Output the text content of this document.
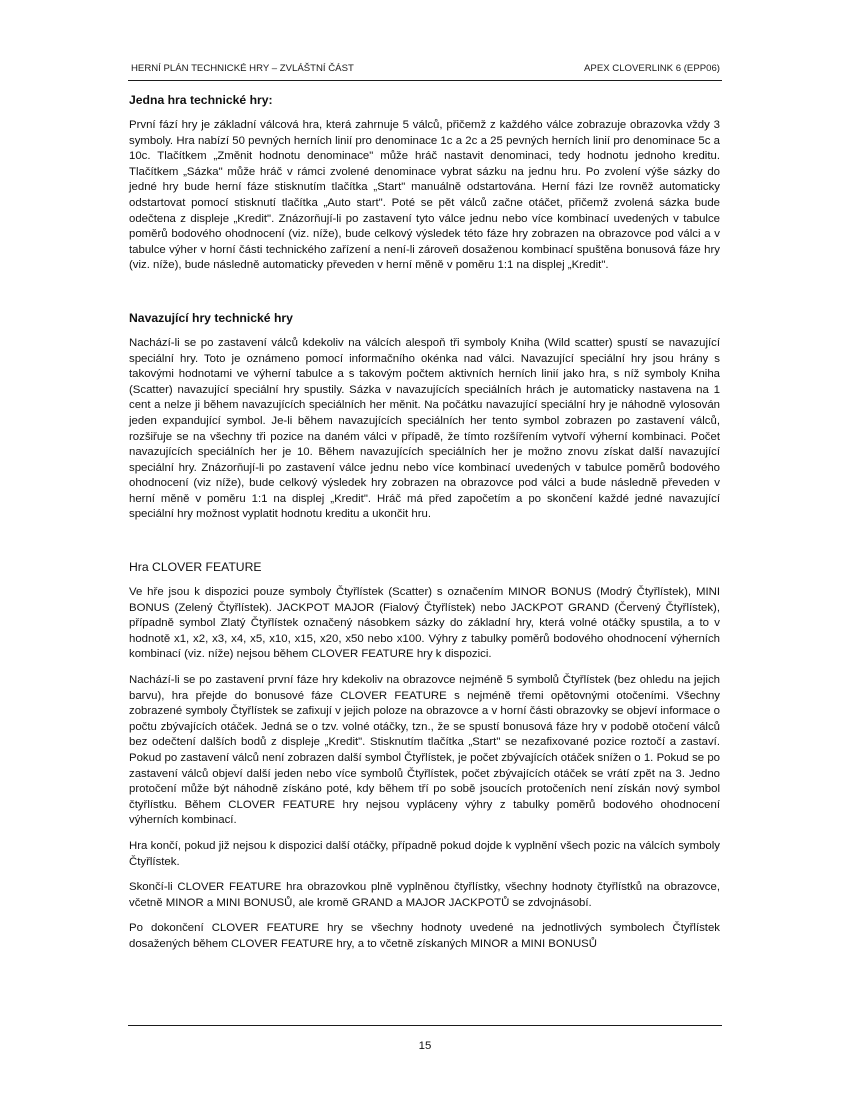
HERNÍ PLÁN TECHNICKÉ HRY – ZVLÁŠTNÍ ČÁST	APEX CLOVERLINK 6 (EPP06)
Jedna hra technické hry:

První fází hry je základní válcová hra, která zahrnuje 5 válců, přičemž z každého válce zobrazuje obrazovka vždy 3 symboly. Hra nabízí 50 pevných herních linií pro denominace 1c a 2c a 25 pevných herních linií pro denominace 5c a 10c. Tlačítkem „Změnit hodnotu denominace" může hráč nastavit denominaci, tedy hodnotu jednoho kreditu. Tlačítkem „Sázka" může hráč v rámci zvolené denominace vybrat sázku na jednu hru. Po zvolení výše sázky do jedné hry bude herní fáze stisknutím tlačítka „Start" manuálně odstartována. Herní fázi lze rovněž automaticky odstartovat pomocí stisknutí tlačítka „Auto start". Poté se pět válců začne otáčet, přičemž zvolená sázka bude odečtena z displeje „Kredit". Znázorňují-li po zastavení tyto válce jednu nebo více kombinací uvedených v tabulce poměrů bodového ohodnocení (viz. níže), bude celkový výsledek této fáze hry zobrazen na obrazovce pod válci a v tabulce výher v horní části technického zařízení a není-li zároveň dosaženou kombinací spuštěna bonusová fáze hry (viz. níže), bude následně automaticky převeden v herní měně v poměru 1:1 na displej „Kredit".

Navazující hry technické hry

Nachází-li se po zastavení válců kdekoliv na válcích alespoň tři symboly Kniha (Wild scatter) spustí se navazující speciální hry. Toto je oznámeno pomocí informačního okénka nad válci. Navazující speciální hry jsou hrány s takovými hodnotami ve výherní tabulce a s takovým počtem aktivních herních linií jako hra, s níž symboly Kniha (Scatter) navazující speciální hry spustily. Sázka v navazujících speciálních hrách je automaticky nastavena na 1 cent a nelze ji během navazujících speciálních her měnit. Na počátku navazující speciální hry je náhodně vylosován jeden expandující symbol. Je-li během navazujících speciálních her tento symbol zobrazen po zastavení válců, rozšiřuje se na všechny tři pozice na daném válci v případě, že tímto rozšířením vytvoří výherní kombinaci. Počet navazujících speciálních her je 10. Během navazujících speciálních her je možno znovu získat další navazující speciální hry. Znázorňují-li po zastavení válce jednu nebo více kombinací uvedených v tabulce poměrů bodového ohodnocení (viz níže), bude celkový výsledek hry zobrazen na obrazovce pod válci a bude následně převeden v herní měně v poměru 1:1 na displej „Kredit". Hráč má před započetím a po skončení každé jedné navazující speciální hry možnost vyplatit hodnotu kreditu a ukončit hru.

Hra CLOVER FEATURE

Ve hře jsou k dispozici pouze symboly Čtyřlístek (Scatter) s označením MINOR BONUS (Modrý Čtyřlístek), MINI BONUS (Zelený Čtyřlístek). JACKPOT MAJOR (Fialový Čtyřlístek) nebo JACKPOT GRAND (Červený Čtyřlístek), případně symbol Zlatý Čtyřlístek označený násobkem sázky do základní hry, která volné otáčky spustila, a to v hodnotě x1, x2, x3, x4, x5, x10, x15, x20, x50 nebo x100. Výhry z tabulky poměrů bodového ohodnocení výherních kombinací (viz. níže) nejsou během CLOVER FEATURE hry k dispozici.

Nachází-li se po zastavení první fáze hry kdekoliv na obrazovce nejméně 5 symbolů Čtyřlístek (bez ohledu na jejich barvu), hra přejde do bonusové fáze CLOVER FEATURE s nejméně třemi opětovnými otočeními. Všechny zobrazené symboly Čtyřlístek se zafixují v jejich poloze na obrazovce a v horní části obrazovky se objeví informace o počtu zbývajících otáček. Jedná se o tzv. volné otáčky, tzn., že se spustí bonusová fáze hry v podobě otočení válců bez odečtení dalších bodů z displeje „Kredit". Stisknutím tlačítka „Start" se nezafixované pozice roztočí a zastaví. Pokud po zastavení válců není zobrazen další symbol Čtyřlístek, je počet zbývajících otáček snížen o 1. Pokud se po zastavení válců objeví další jeden nebo více symbolů Čtyřlístek, počet zbývajících otáček se vrátí zpět na 3. Jedno protočení může být náhodně získáno poté, kdy během tří po sobě jsoucích protočeních není získán nový symbol čtyřlístku. Během CLOVER FEATURE hry nejsou vypláceny výhry z tabulky poměrů bodového ohodnocení výherních kombinací.

Hra končí, pokud již nejsou k dispozici další otáčky, případně pokud dojde k vyplnění všech pozic na válcích symboly Čtyřlístek.

Skončí-li CLOVER FEATURE hra obrazovkou plně vyplněnou čtyřlístky, všechny hodnoty čtyřlístků na obrazovce, včetně MINOR a MINI BONUSŮ, ale kromě GRAND a MAJOR JACKPOTŮ se zdvojnásobí.

Po dokončení CLOVER FEATURE hry se všechny hodnoty uvedené na jednotlivých symbolech Čtyřlístek dosažených během CLOVER FEATURE hry, a to včetně získaných MINOR a MINI BONUSŮ

15
